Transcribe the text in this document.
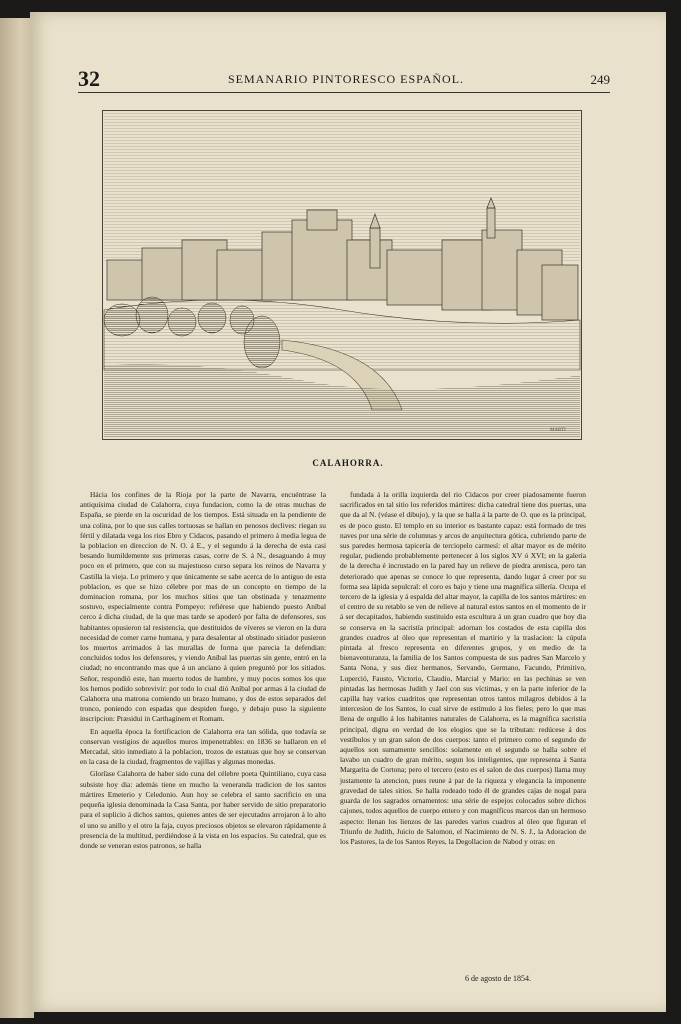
32	SEMANARIO PINTORESCO ESPAÑOL.	249
MARTI
CALAHORRA.

Hácia los confines de la Rioja por la parte de Navarra, encuéntrase la antiquísima ciudad de Calahorra, cuya fundacion, como la de otras muchas de España, se pierde en la oscuridad de los tiempos. Está situada en la pendiente de una colina, por lo que sus calles tortuosas se hallan en penosos declives: riegan su fértil y dilatada vega los rios Ebro y Cidacos, pasando el primero á media legua de la poblacion en direccion de N. O. á E., y el segundo á la derecha de esta casi besando humildemente sus primeras casas, corre de S. á N., desaguando á muy poco en el primero, que con su majestuoso curso separa los reinos de Navarra y Castilla la vieja. Lo primero y que únicamente se sabe acerca de lo antiguo de esta poblacion, es que se hizo célebre por mas de un concepto en tiempo de la dominacion romana, por los muchos sitios que tan obstinada y tenazmente sostuvo, especialmente contra Pompeyo: refiérese que habiendo puesto Aníbal cerco á dicha ciudad, de la que mas tarde se apoderó por falta de defensores, sus habitantes opusieron tal resistencia, que destituidos de víveres se vieron en la dura necesidad de comer carne humana, y para desalentar al obstinado sitiador pusieron los muertos arrimados á las murallas de forma que parecia la defendian: concluidos todos los defensores, y viendo Aníbal las puertas sin gente, entró en la ciudad; no encontrando mas que á un anciano á quien preguntó por los sitiados. Señor, respondió este, han muerto todos de hambre, y muy pocos somos los que los hemos podido sobrevivir: por todo lo cual dió Aníbal por armas á la ciudad de Calahorra una matrona comiendo un brazo humano, y dos de estos separados del tronco, poniendo con espadas que despiden fuego, y debajo puso la siguiente inscripcion: Præsidui in Carthaginem et Romam.

En aquella época la fortificacion de Calahorra era tan sólida, que todavía se conservan vestigios de aquellos muros impenetrables: en 1836 se hallaron en el Mercadal, sitio inmediato á la poblacion, trozos de estatuas que hoy se conservan en la casa de la ciudad, fragmentos de vajillas y algunas monedas.

Glorí̈ase Calahorra de haber sido cuna del célebre poeta Quintiliano, cuya casa subsiste hoy dia: además tiene en mucho la veneranda tradicion de los santos mártires Emeterio y Celedonio. Aun hoy se celebra el santo sacrificio en una pequeña iglesia denominada la Casa Santa, por haber servido de sitio preparatorio para el suplicio á dichos santos, quienes antes de ser ejecutados arrojaron á lo alto el uno su anillo y el otro la faja, cuyos preciosos objetos se elevaron rápidamente á presencia de la multitud, perdiéndose á la vista en los espacios. Su catedral, que es donde se veneran estos patronos, se halla

fundada á la orilla izquierda del rio Cidacos por creer piadosamente fueron sacrificados en tal sitio los referidos mártires: dicha catedral tiene dos puertas, una que da al N. (véase el dibujo), y la que se halla á la parte de O. que es la principal, es de poco gusto. El templo en su interior es bastante capaz: está formado de tres naves por una série de columnas y arcos de arquitectura gótica, cubriendo parte de sus paredes hermosa tapicería de terciopelo carmesí: el altar mayor es de mérito regular, pudiendo probablemente pertenecer á los siglos XV ó XVI; en la galería de la derecha é incrustado en la pared hay un relieve de piedra arenisca, pero tan deteriorado que apenas se conoce lo que representa, dando lugar á creer por su forma sea lápida sepulcral: el coro es bajo y tiene una magnífica sillería. Ocupa el tercero de la iglesia y á espalda del altar mayor, la capilla de los santos mártires: en el centro de su retablo se ven de relieve al natural estos santos en el momento de ir á ser decapitados, habiendo sustituido esta escultura á un gran cuadro que hoy dia se conserva en la sacristía principal: adornan los costados de esta capilla dos grandes cuadros al óleo que representan el martirio y la traslacion: la cúpula pintada al fresco representa en diferentes grupos, y en medio de la bienaventuranza, la familia de los Santos compuesta de sus padres San Marcelo y Santa Nona, y sus diez hermanos, Servando, Germano, Facundo, Primitivo, Luperció, Fausto, Victorio, Claudio, Marcial y Mario: en las pechinas se ven pintadas las hermosas Judith y Jael con sus víctimas, y en la parte inferior de la capilla hay varios cuadritos que representan otros tantos milagros debidos á la intercesion de los Santos, lo cual sirve de estímulo á los fieles; pero lo que mas llena de orgullo á los habitantes naturales de Calahorra, es la magnífica sacristía principal, digna en verdad de los elogios que se la tributan: redúcese á dos vestíbulos y un gran salon de dos cuerpos: tanto el primero como el segundo de aquellos son sumamente sencillos: solamente en el segundo se halla sobre el lavabo un cuadro de gran mérito, segun los inteligentes, que representa á Santa Margarita de Cortona; pero el tercero (esto es el salon de dos cuerpos) llama muy justamente la atencion, pues reune á par de la riqueza y elegancia la imponente gravedad de tales sitios. Se halla rodeado todo él de grandes cajas de nogal para guarda de los sagrados ornamentos: una série de espejos colocados sobre dichos cajones, todos aquellos de cuerpo entero y con magníficos marcos dan un hermoso aspecto: llenan los lienzos de las paredes varios cuadros al óleo que figuran el Triunfo de Judith, Juicio de Salomon, el Nacimiento de N. S. J., la Adoracion de los Pastores, la de los Santos Reyes, la Degollacion de Nabod y otras: en

6 de agosto de 1854.
